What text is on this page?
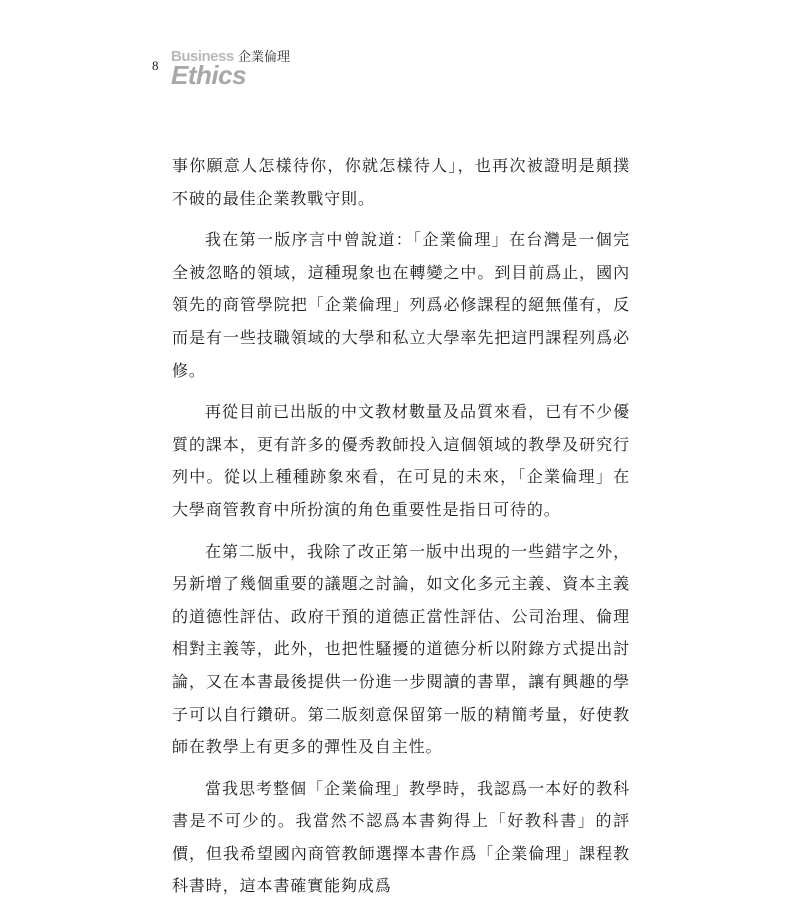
8
Business
Ethics
企業倫理

事你願意人怎樣待你，你就怎樣待人」，也再次被證明是顛撲不破的最佳企業教戰守則。

我在第一版序言中曾說道：「企業倫理」在台灣是一個完全被忽略的領域，這種現象也在轉變之中。到目前爲止，國內領先的商管學院把「企業倫理」列爲必修課程的絕無僅有，反而是有一些技職領域的大學和私立大學率先把這門課程列爲必修。

再從目前已出版的中文教材數量及品質來看，已有不少優質的課本，更有許多的優秀教師投入這個領域的教學及研究行列中。從以上種種跡象來看，在可見的未來，「企業倫理」在大學商管教育中所扮演的角色重要性是指日可待的。

在第二版中，我除了改正第一版中出現的一些錯字之外，另新增了幾個重要的議題之討論，如文化多元主義、資本主義的道德性評估、政府干預的道德正當性評估、公司治理、倫理相對主義等，此外，也把性騷擾的道德分析以附錄方式提出討論，又在本書最後提供一份進一步閱讀的書單，讓有興趣的學子可以自行鑽研。第二版刻意保留第一版的精簡考量，好使教師在教學上有更多的彈性及自主性。

當我思考整個「企業倫理」教學時，我認爲一本好的教科書是不可少的。我當然不認爲本書夠得上「好教科書」的評價，但我希望國內商管教師選擇本書作爲「企業倫理」課程教科書時，這本書確實能夠成爲
